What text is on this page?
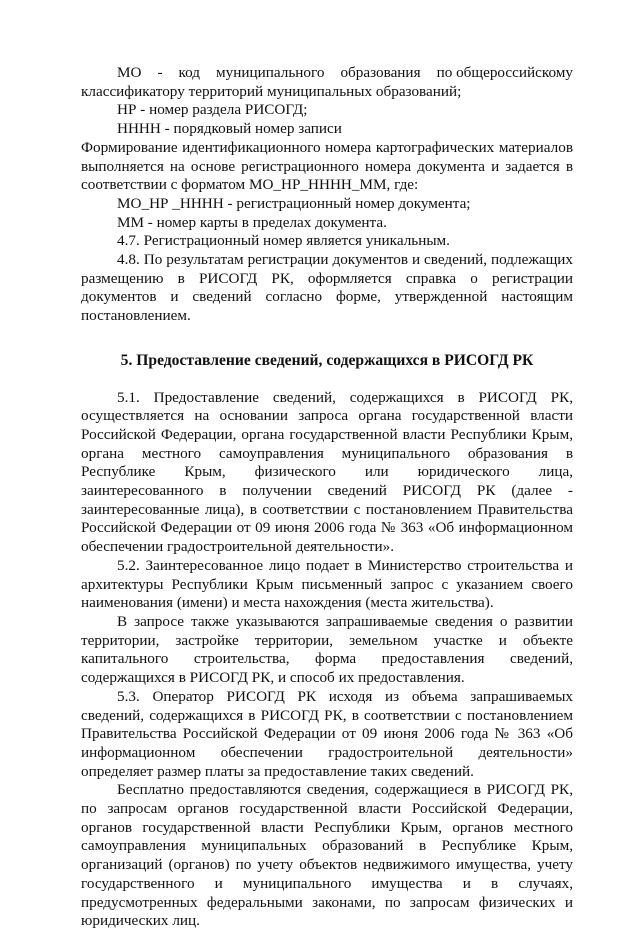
МО - код муниципального образования по общероссийскому

классификатору территорий муниципальных образований;

НР - номер раздела РИСОГД;

НННН - порядковый номер записи

Формирование идентификационного номера картографических материалов выполняется на основе регистрационного номера документа и задается в соответствии с форматом МО_НР_НННН_ММ, где:

МО_НР _НННН - регистрационный номер документа;

ММ - номер карты в пределах документа.

4.7. Регистрационный номер является уникальным.

4.8. По результатам регистрации документов и сведений, подлежащих размещению в РИСОГД РК, оформляется справка о регистрации документов и сведений согласно форме, утвержденной настоящим постановлением.

5. Предоставление сведений, содержащихся в РИСОГД РК

5.1. Предоставление сведений, содержащихся в РИСОГД РК, осуществляется на основании запроса органа государственной власти Российской Федерации, органа государственной власти Республики Крым, органа местного самоуправления муниципального образования в Республике Крым, физического или юридического лица, заинтересованного в получении сведений РИСОГД РК (далее - заинтересованные лица), в соответствии с постановлением Правительства Российской Федерации от 09 июня 2006 года № 363 «Об информационном обеспечении градостроительной деятельности».

5.2. Заинтересованное лицо подает в Министерство строительства и архитектуры Республики Крым письменный запрос с указанием своего наименования (имени) и места нахождения (места жительства).

В запросе также указываются запрашиваемые сведения о развитии территории, застройке территории, земельном участке и объекте капитального строительства, форма предоставления сведений, содержащихся в РИСОГД РК, и способ их предоставления.

5.3. Оператор РИСОГД РК исходя из объема запрашиваемых сведений, содержащихся в РИСОГД РК, в соответствии с постановлением Правительства Российской Федерации от 09 июня 2006 года № 363 «Об информационном обеспечении градостроительной деятельности» определяет размер платы за предоставление таких сведений.

Бесплатно предоставляются сведения, содержащиеся в РИСОГД РК, по запросам органов государственной власти Российской Федерации, органов государственной власти Республики Крым, органов местного самоуправления муниципальных образований в Республике Крым, организаций (органов) по учету объектов недвижимого имущества, учету государственного и муниципального имущества и в случаях, предусмотренных федеральными законами, по запросам физических и юридических лиц.
